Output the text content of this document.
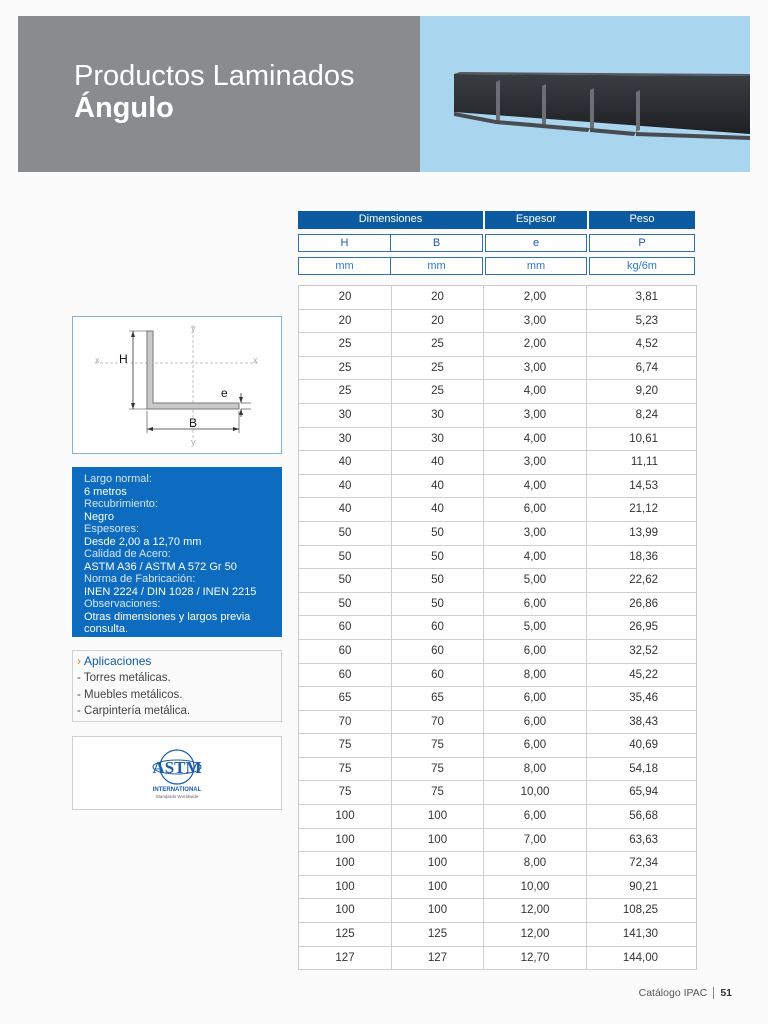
Productos Laminados
Ángulo
Dimensiones	Espesor	Peso
H	B	e	P
mm	mm	mm	kg/6m
20	20	2,00	3,81
20	20	3,00	5,23
25	25	2,00	4,52
25	25	3,00	6,74
25	25	4,00	9,20
30	30	3,00	8,24
30	30	4,00	10,61
40	40	3,00	11,11
40	40	4,00	14,53
40	40	6,00	21,12
50	50	3,00	13,99
50	50	4,00	18,36
50	50	5,00	22,62
50	50	6,00	26,86
60	60	5,00	26,95
60	60	6,00	32,52
60	60	8,00	45,22
65	65	6,00	35,46
70	70	6,00	38,43
75	75	6,00	40,69
75	75	8,00	54,18
75	75	10,00	65,94
100	100	6,00	56,68
100	100	7,00	63,63
100	100	8,00	72,34
100	100	10,00	90,21
100	100	12,00	108,25
125	125	12,00	141,30
127	127	12,70	144,00
H
B
e
x	x
y
y
Largo normal:
6 metros
Recubrimiento:
Negro
Espesores:
Desde 2,00 a 12,70 mm
Calidad de Acero:
ASTM A36 / ASTM A 572 Gr 50
Norma de Fabricación:
INEN 2224 / DIN 1028 / INEN 2215
Observaciones:
Otras dimensiones y largos previa
consulta.
› Aplicaciones
- Torres metálicas.
- Muebles metálicos.
- Carpintería metálica.
ASTM
INTERNATIONAL
Standards Worldwide
Catálogo IPAC 51
